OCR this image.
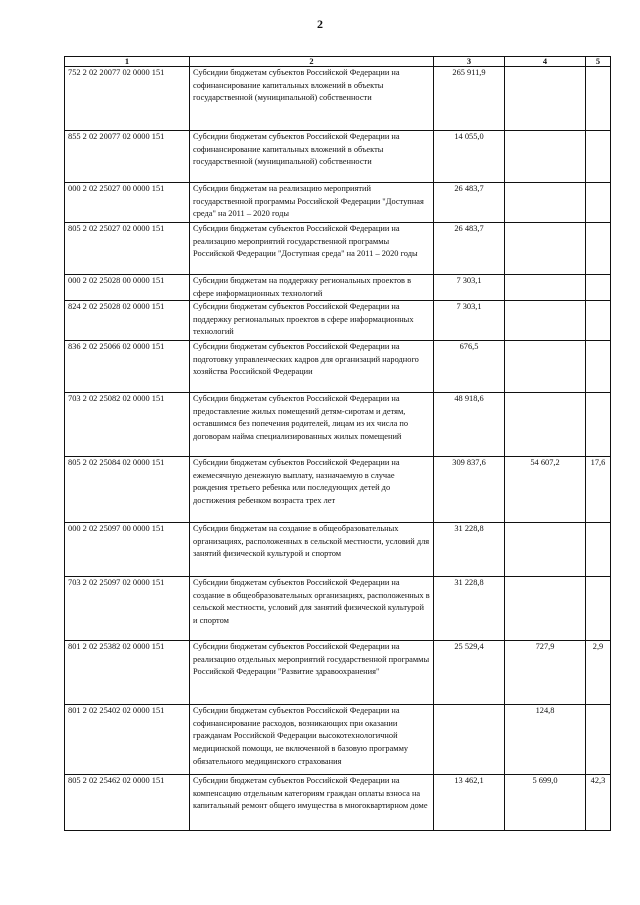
2
1	2	3	4	5
752 2 02 20077 02 0000 151	Субсидии бюджетам субъектов Российской Федерации на софинансирование капитальных вложений в объекты государственной (муниципальной) собственности	265 911,9		
855 2 02 20077 02 0000 151	Субсидии бюджетам субъектов Российской Федерации на софинансирование капитальных вложений в объекты государственной (муниципальной) собственности	14 055,0		
000 2 02 25027 00 0000 151	Субсидии бюджетам на реализацию мероприятий государственной программы Российской Федерации "Доступная среда" на 2011 – 2020 годы	26 483,7		
805 2 02 25027 02 0000 151	Субсидии бюджетам субъектов Российской Федерации на реализацию мероприятий государственной программы Российской Федерации "Доступная среда" на 2011 – 2020 годы	26 483,7		
000 2 02 25028 00 0000 151	Субсидии бюджетам на поддержку региональных проектов в сфере информационных технологий	7 303,1		
824 2 02 25028 02 0000 151	Субсидии бюджетам субъектов Российской Федерации на поддержку региональных проектов в сфере информационных технологий	7 303,1		
836 2 02 25066 02 0000 151	Субсидии бюджетам субъектов Российской Федерации на подготовку управленческих кадров для организаций народного хозяйства Российской Федерации	676,5		
703 2 02 25082 02 0000 151	Субсидии бюджетам субъектов Российской Федерации на предоставление жилых помещений детям-сиротам и детям, оставшимся без попечения родителей, лицам из их числа по договорам найма специализированных жилых помещений	48 918,6		
805 2 02 25084 02 0000 151	Субсидии бюджетам субъектов Российской Федерации на ежемесячную денежную выплату, назначаемую в случае рождения третьего ребенка или последующих детей до достижения ребенком возраста трех лет	309 837,6	54 607,2	17,6
000 2 02 25097 00 0000 151	Субсидии бюджетам на создание в общеобразовательных организациях, расположенных в сельской местности, условий для занятий физической культурой и спортом	31 228,8		
703 2 02 25097 02 0000 151	Субсидии бюджетам субъектов Российской Федерации на создание в общеобразовательных организациях, расположенных в сельской местности, условий для занятий физической культурой и спортом	31 228,8		
801 2 02 25382 02 0000 151	Субсидии бюджетам субъектов Российской Федерации на реализацию отдельных мероприятий государственной программы Российской Федерации "Развитие здравоохранения"	25 529,4	727,9	2,9
801 2 02 25402 02 0000 151	Субсидии бюджетам субъектов Российской Федерации на софинансирование расходов, возникающих при оказании гражданам Российской Федерации высокотехнологичной медицинской помощи, не включенной в базовую программу обязательного медицинского страхования		124,8	
805 2 02 25462 02 0000 151	Субсидии бюджетам субъектов Российской Федерации на компенсацию отдельным категориям граждан оплаты взноса на капитальный ремонт общего имущества в многоквартирном доме	13 462,1	5 699,0	42,3
